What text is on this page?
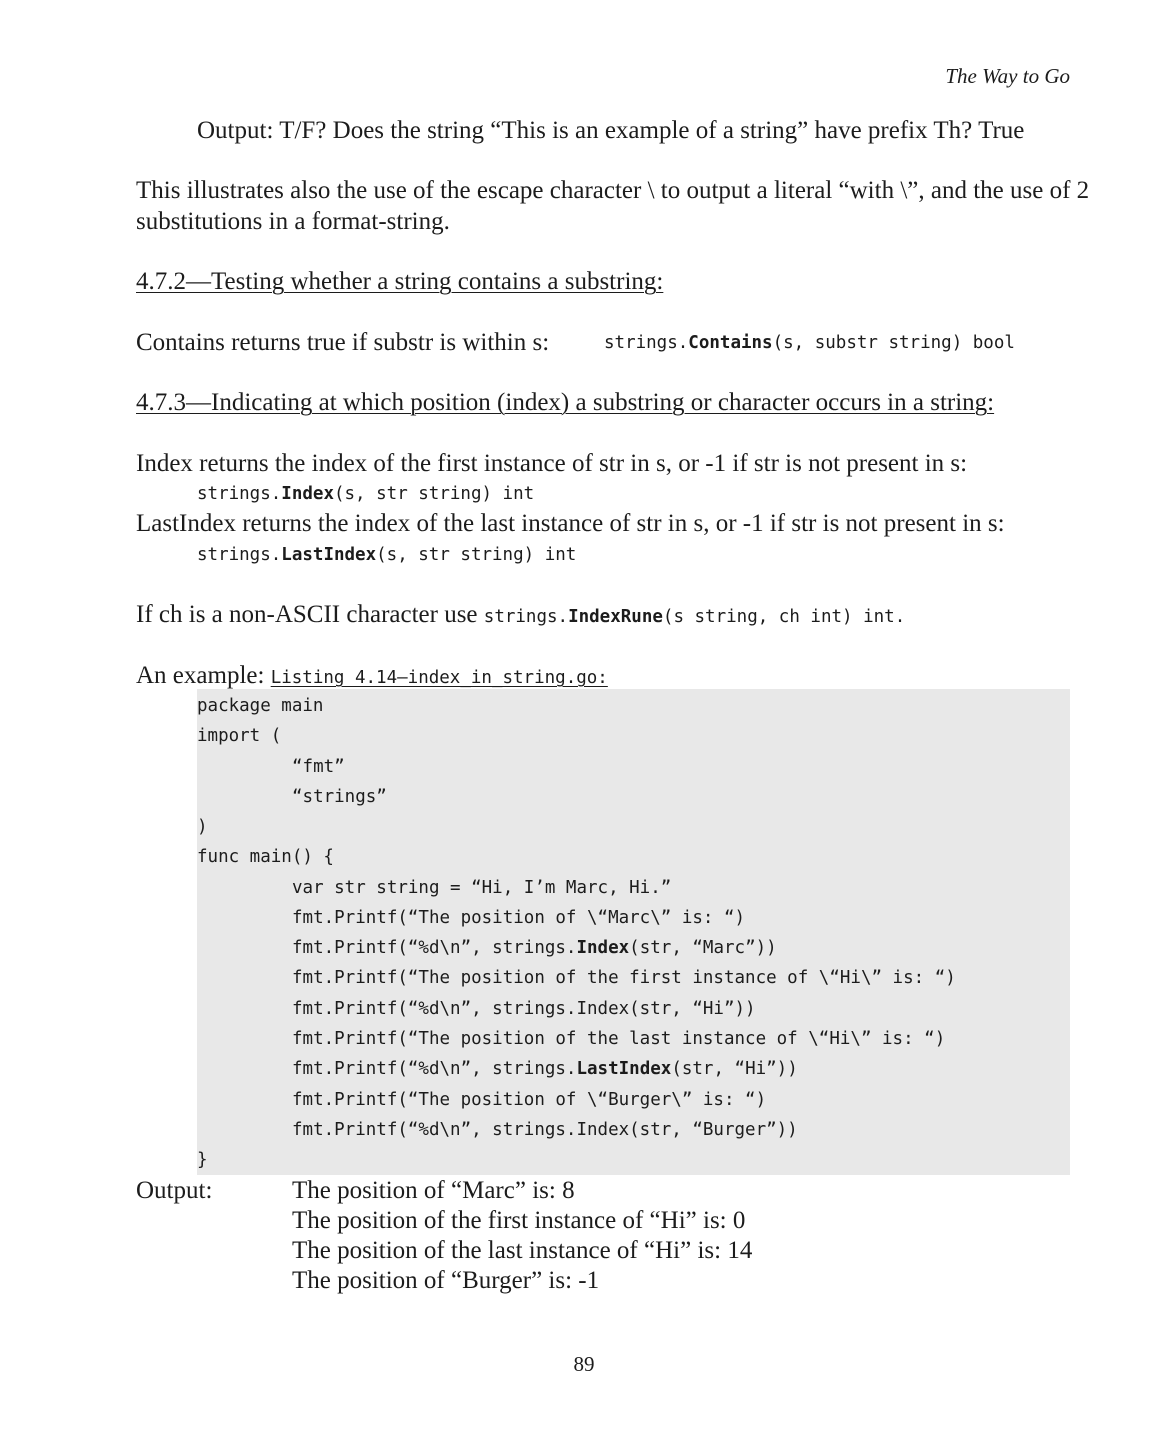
The Way to Go
Output: T/F? Does the string “This is an example of a string” have prefix Th? True
This illustrates also the use of the escape character \ to output a literal “with \”, and the use of 2
substitutions in a format-string.
4.7.2—Testing whether a string contains a substring:
Contains returns true if substr is within s:	strings.Contains(s, substr string) bool
4.7.3—Indicating at which position (index) a substring or character occurs in a string:
Index returns the index of the first instance of str in s, or -1 if str is not present in s:
strings.Index(s, str string) int
LastIndex returns the index of the last instance of str in s, or -1 if str is not present in s:
strings.LastIndex(s, str string) int
If ch is a non-ASCII character use strings.IndexRune(s string, ch int) int.
An example: Listing 4.14—index_in_string.go:
package main
import (
“fmt”
“strings”
)
func main() {
var str string = “Hi, I’m Marc, Hi.”
fmt.Printf(“The position of \“Marc\” is: “)
fmt.Printf(“%d\n”, strings.Index(str, “Marc”))
fmt.Printf(“The position of the first instance of \“Hi\” is: “)
fmt.Printf(“%d\n”, strings.Index(str, “Hi”))
fmt.Printf(“The position of the last instance of \“Hi\” is: “)
fmt.Printf(“%d\n”, strings.LastIndex(str, “Hi”))
fmt.Printf(“The position of \“Burger\” is: “)
fmt.Printf(“%d\n”, strings.Index(str, “Burger”))
}
Output:	The position of “Marc” is: 8
The position of the first instance of “Hi” is: 0
The position of the last instance of “Hi” is: 14
The position of “Burger” is: -1
89
